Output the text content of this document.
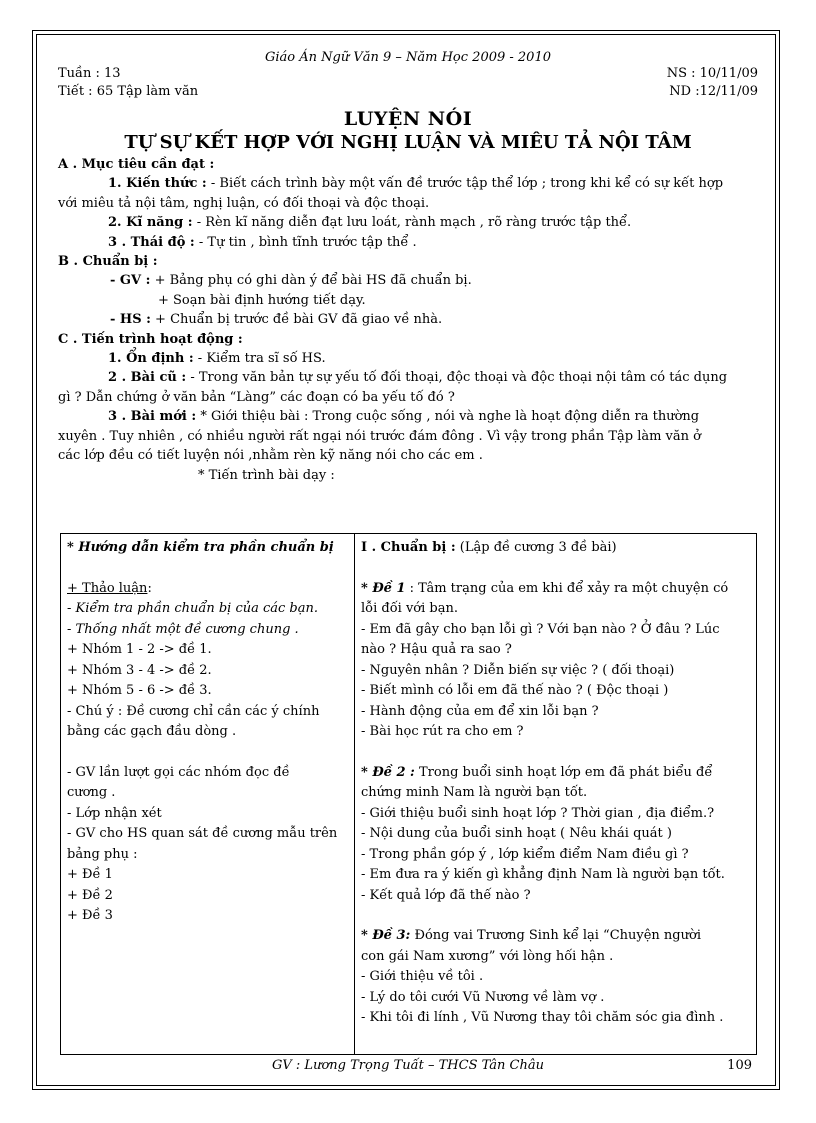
Giáo Án Ngữ Văn 9 – Năm Học 2009 - 2010
Tuần : 13	NS : 10/11/09
Tiết : 65 Tập làm văn	ND :12/11/09
LUYỆN NÓI
TỰ SỰ KẾT HỢP VỚI NGHỊ LUẬN VÀ MIÊU TẢ NỘI TÂM
A . Mục tiêu cần đạt :

1. Kiến thức : - Biết cách trình bày một vấn đề trước tập thể lớp ; trong khi kể có sự kết hợp

với miêu tả nội tâm, nghị luận, có đối thoại và độc thoại.

2. Kĩ năng : - Rèn kĩ năng diễn đạt lưu loát, rành mạch , rõ ràng trước tập thể.

3 . Thái độ : - Tự tin , bình tĩnh trước tập thể .

B . Chuẩn bị :

- GV : + Bảng phụ có ghi dàn ý để bài HS đã chuẩn bị.

+ Soạn bài định hướng tiết dạy.

- HS : + Chuẩn bị trước đề bài GV đã giao về nhà.

C . Tiến trình hoạt động :

1. Ổn định : - Kiểm tra sĩ số HS.

2 . Bài cũ : - Trong văn bản tự sự yếu tố đối thoại, độc thoại và độc thoại nội tâm có tác dụng

gì ? Dẫn chứng ở văn bản “Làng” các đoạn có ba yếu tố đó ?

3 . Bài mới : * Giới thiệu bài : Trong cuộc sống , nói và nghe là hoạt động diễn ra thường

xuyên . Tuy nhiên , có nhiều người rất ngại nói trước đám đông . Vì vậy trong phần Tập làm văn ở

các lớp đều có tiết luyện nói ,nhằm rèn kỹ năng nói cho các em .

* Tiến trình bài dạy :

* Hướng dẫn kiểm tra phần chuẩn bị
+ Thảo luận:
- Kiểm tra phần chuẩn bị của các bạn.
- Thống nhất một đề cương chung .
+ Nhóm 1 - 2 -> đề 1.
+ Nhóm 3 - 4 -> đề 2.
+ Nhóm 5 - 6 -> đề 3.
- Chú ý : Đề cương chỉ cần các ý chính
bằng các gạch đầu dòng .
- GV lần lượt gọi các nhóm đọc đề
cương .
- Lớp nhận xét
- GV cho HS quan sát đề cương mẫu trên
bảng phụ :
+ Đề 1
+ Đề 2
+ Đề 3

I . Chuẩn bị : (Lập đề cương 3 đề bài)
* Đề 1 : Tâm trạng của em khi để xảy ra một chuyện có
lỗi đối với bạn.
- Em đã gây cho bạn lỗi gì ? Với bạn nào ? Ở đâu ? Lúc
nào ? Hậu quả ra sao ?
- Nguyên nhân ? Diễn biến sự việc ? ( đối thoại)
- Biết mình có lỗi em đã thế nào ? ( Độc thoại )
- Hành động của em để xin lỗi bạn ?
- Bài học rút ra cho em ?
* Đề 2 : Trong buổi sinh hoạt lớp em đã phát biểu để
chứng minh Nam là người bạn tốt.
- Giới thiệu buổi sinh hoạt lớp ? Thời gian , địa điểm.?
- Nội dung của buổi sinh hoạt ( Nêu khái quát )
- Trong phần góp ý , lớp kiểm điểm Nam điều gì ?
- Em đưa ra ý kiến gì khẳng định Nam là người bạn tốt.
- Kết quả lớp đã thế nào ?
* Đề 3: Đóng vai Trương Sinh kể lại “Chuyện người
con gái Nam xương” với lòng hối hận .
- Giới thiệu về tôi .
- Lý do tôi cưới Vũ Nương về làm vợ .
- Khi tôi đi lính , Vũ Nương thay tôi chăm sóc gia đình .
GV : Lương Trọng Tuất – THCS Tân Châu	109
